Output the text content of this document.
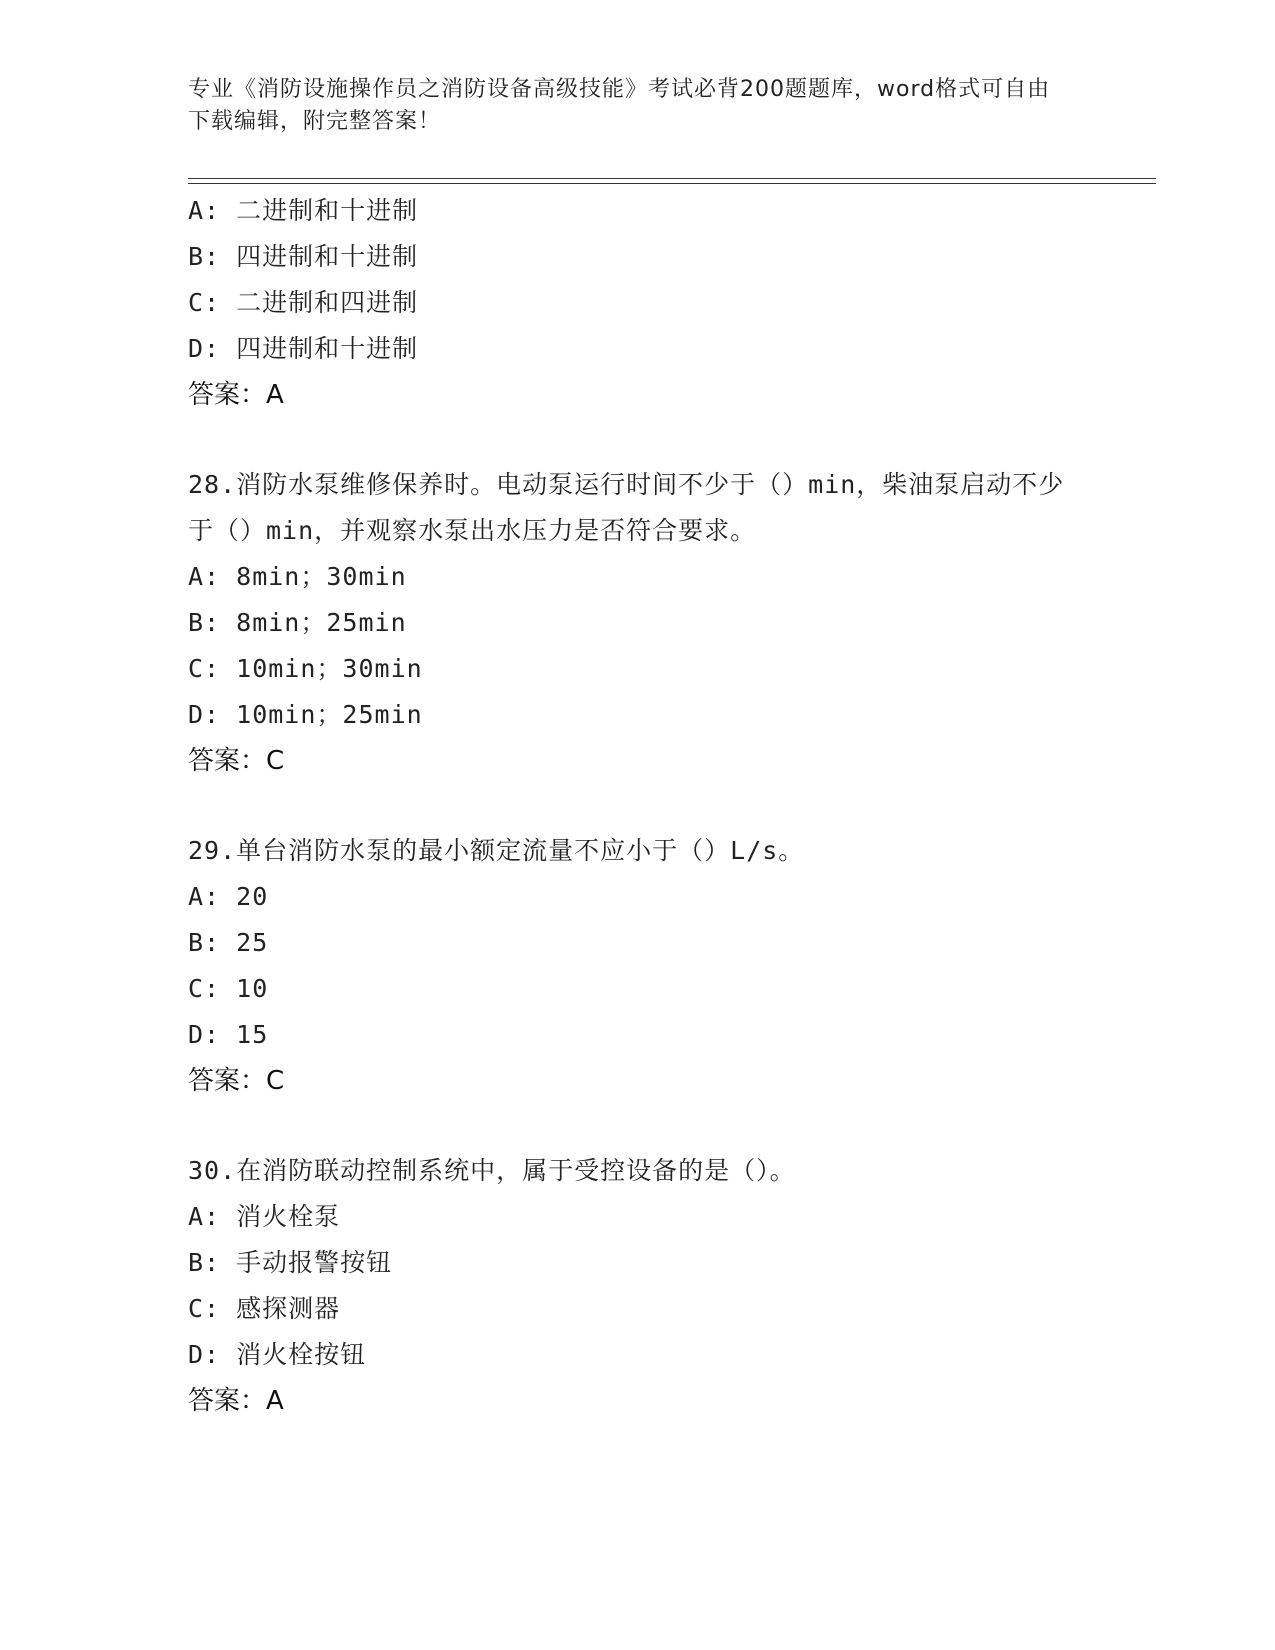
专业《消防设施操作员之消防设备高级技能》考试必背200题题库，word格式可自由下载编辑，附完整答案！
A: 二进制和十进制
B: 四进制和十进制
C: 二进制和四进制
D: 四进制和十进制
答案：A
28.消防水泵维修保养时。电动泵运行时间不少于（）min，柴油泵启动不少于（）min，并观察水泵出水压力是否符合要求。
A: 8min；30min
B: 8min；25min
C: 10min；30min
D: 10min；25min
答案：C
29.单台消防水泵的最小额定流量不应小于（）L/s。
A: 20
B: 25
C: 10
D: 15
答案：C
30.在消防联动控制系统中，属于受控设备的是（）。
A: 消火栓泵
B: 手动报警按钮
C: 感探测器
D: 消火栓按钮
答案：A
